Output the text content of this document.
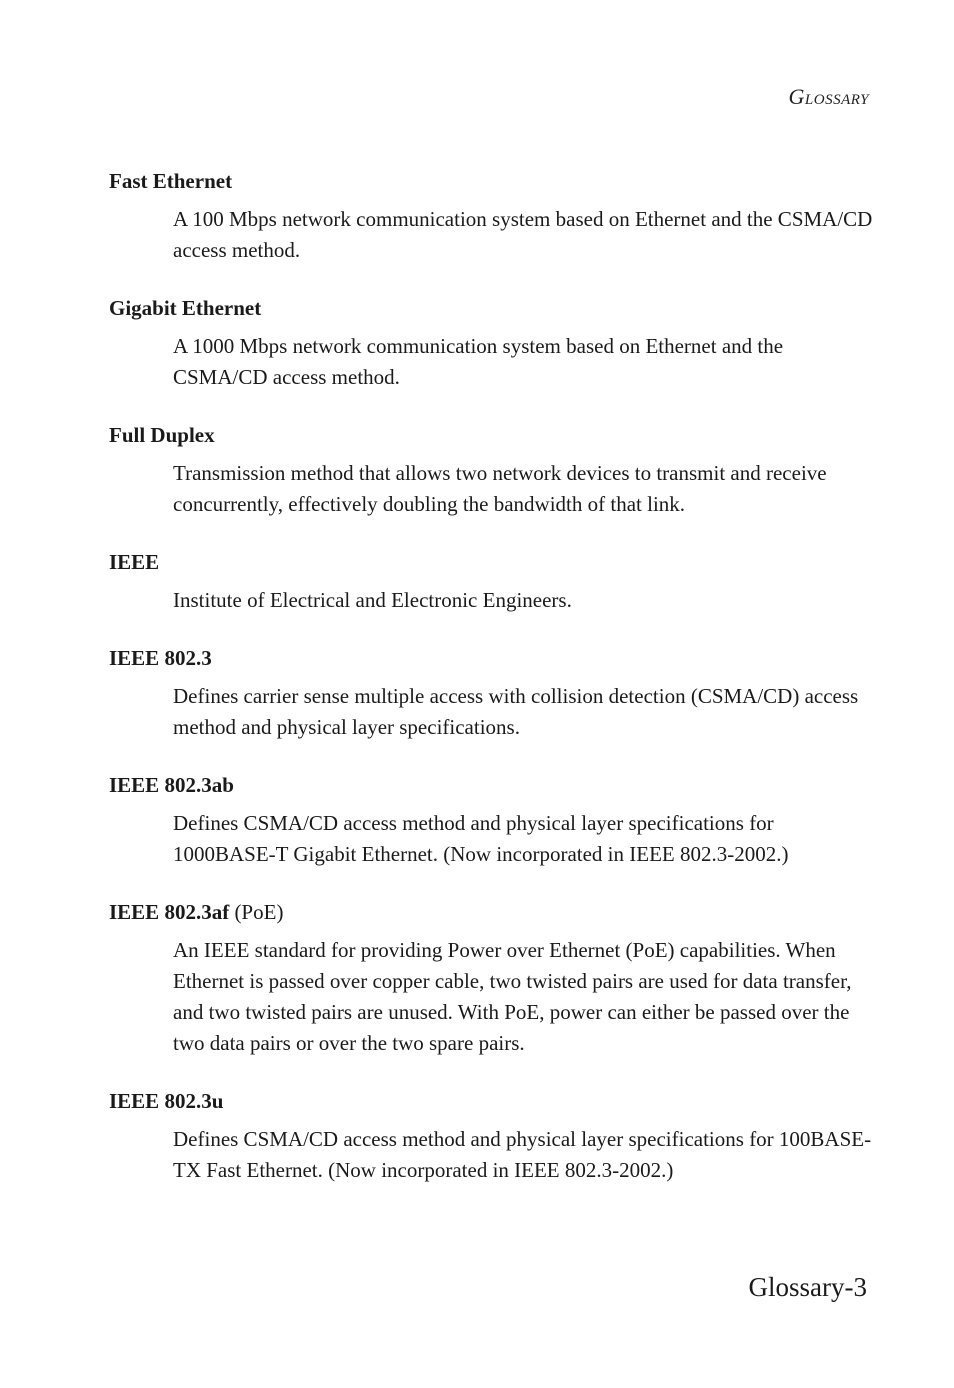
Glossary

Fast Ethernet

A 100 Mbps network communication system based on Ethernet and the CSMA/CD access method.

Gigabit Ethernet

A 1000 Mbps network communication system based on Ethernet and the CSMA/CD access method.

Full Duplex

Transmission method that allows two network devices to transmit and receive concurrently, effectively doubling the bandwidth of that link.

IEEE

Institute of Electrical and Electronic Engineers.

IEEE 802.3

Defines carrier sense multiple access with collision detection (CSMA/CD) access method and physical layer specifications.

IEEE 802.3ab

Defines CSMA/CD access method and physical layer specifications for 1000BASE-T Gigabit Ethernet. (Now incorporated in IEEE 802.3-2002.)

IEEE 802.3af (PoE)

An IEEE standard for providing Power over Ethernet (PoE) capabilities. When Ethernet is passed over copper cable, two twisted pairs are used for data transfer, and two twisted pairs are unused. With PoE, power can either be passed over the two data pairs or over the two spare pairs.

IEEE 802.3u

Defines CSMA/CD access method and physical layer specifications for 100BASE-TX Fast Ethernet. (Now incorporated in IEEE 802.3-2002.)

Glossary-3
